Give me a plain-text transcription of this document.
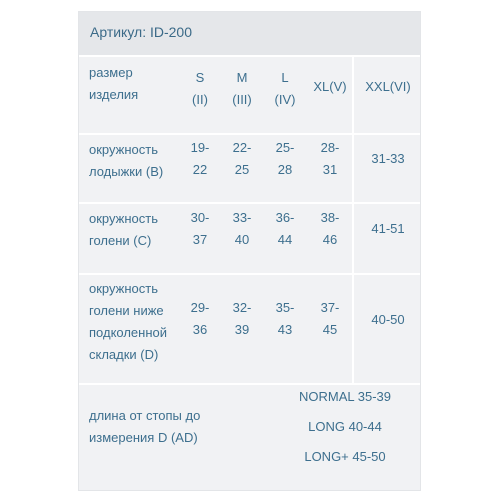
Артикул: ID-200
размер
изделия
S
(II)
M
(III)
L
(IV)
XL(V)	XXL(VI)
окружность
лодыжки (B)
19-
22
22-
25
25-
28
28-
31
31-33
окружность
голени (C)
30-
37
33-
40
36-
44
38-
46
41-51
окружность
голени ниже
подколенной
складки (D)
29-
36
32-
39
35-
43
37-
45
40-50
длина от стопы до
измерения D (AD)
NORMAL 35-39
LONG 40-44
LONG+ 45-50
